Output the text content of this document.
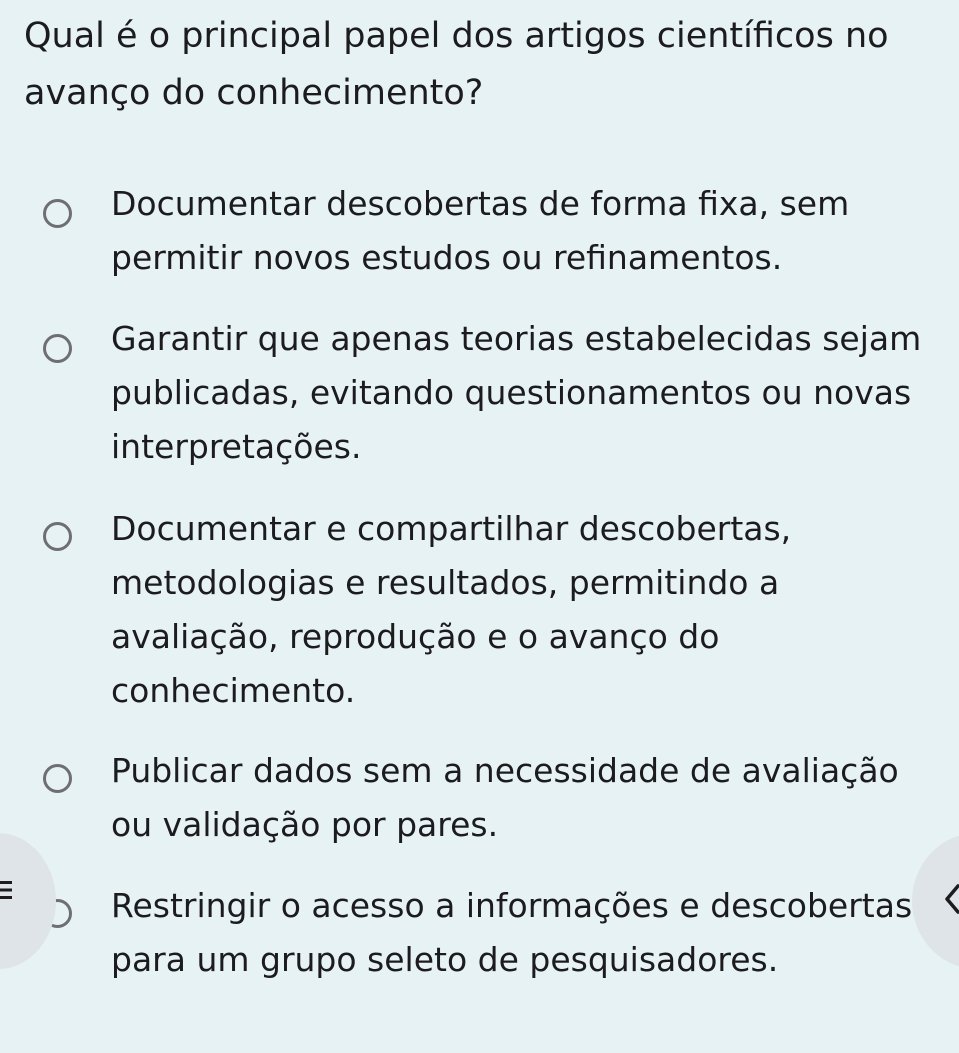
Qual é o principal papel dos artigos científicos no avanço do conhecimento?
Documentar descobertas de forma fixa, sem permitir novos estudos ou refinamentos.
Garantir que apenas teorias estabelecidas sejam publicadas, evitando questionamentos ou novas interpretações.
Documentar e compartilhar descobertas, metodologias e resultados, permitindo a avaliação, reprodução e o avanço do conhecimento.
Publicar dados sem a necessidade de avaliação ou validação por pares.
Restringir o acesso a informações e descobertas para um grupo seleto de pesquisadores.
